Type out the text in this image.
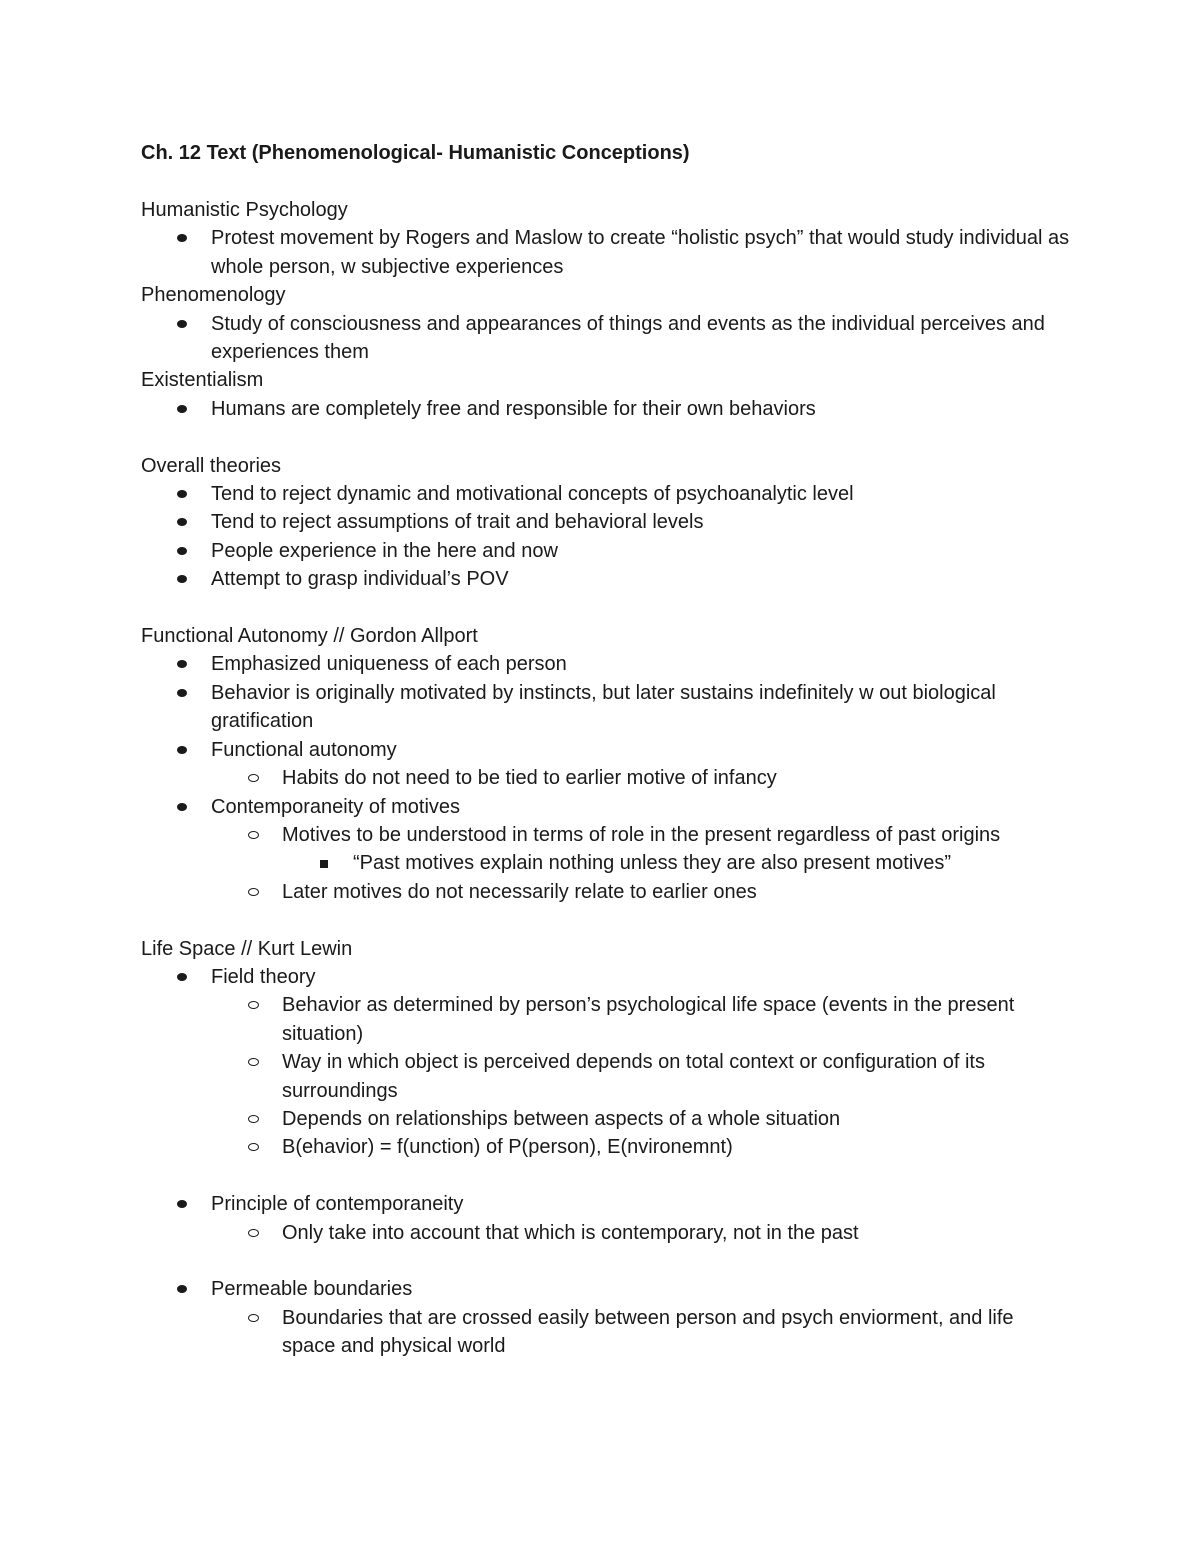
Ch. 12 Text (Phenomenological- Humanistic Conceptions)
Humanistic Psychology
Protest movement by Rogers and Maslow to create “holistic psych” that would study individual as whole person, w subjective experiences
Phenomenology
Study of consciousness and appearances of things and events as the individual perceives and experiences them
Existentialism
Humans are completely free and responsible for their own behaviors
Overall theories
Tend to reject dynamic and motivational concepts of psychoanalytic level
Tend to reject assumptions of trait and behavioral levels
People experience in the here and now
Attempt to grasp individual’s POV
Functional Autonomy // Gordon Allport
Emphasized uniqueness of each person
Behavior is originally motivated by instincts, but later sustains indefinitely w out biological gratification
Functional autonomy
Habits do not need to be tied to earlier motive of infancy
Contemporaneity of motives
Motives to be understood in terms of role in the present regardless of past origins
“Past motives explain nothing unless they are also present motives”
Later motives do not necessarily relate to earlier ones
Life Space // Kurt Lewin
Field theory
Behavior as determined by person’s psychological life space (events in the present situation)
Way in which object is perceived depends on total context or configuration of its surroundings
Depends on relationships between aspects of a whole situation
B(ehavior) = f(unction) of P(person), E(nvironemnt)
Principle of contemporaneity
Only take into account that which is contemporary, not in the past
Permeable boundaries
Boundaries that are crossed easily between person and psych enviorment, and life space and physical world
